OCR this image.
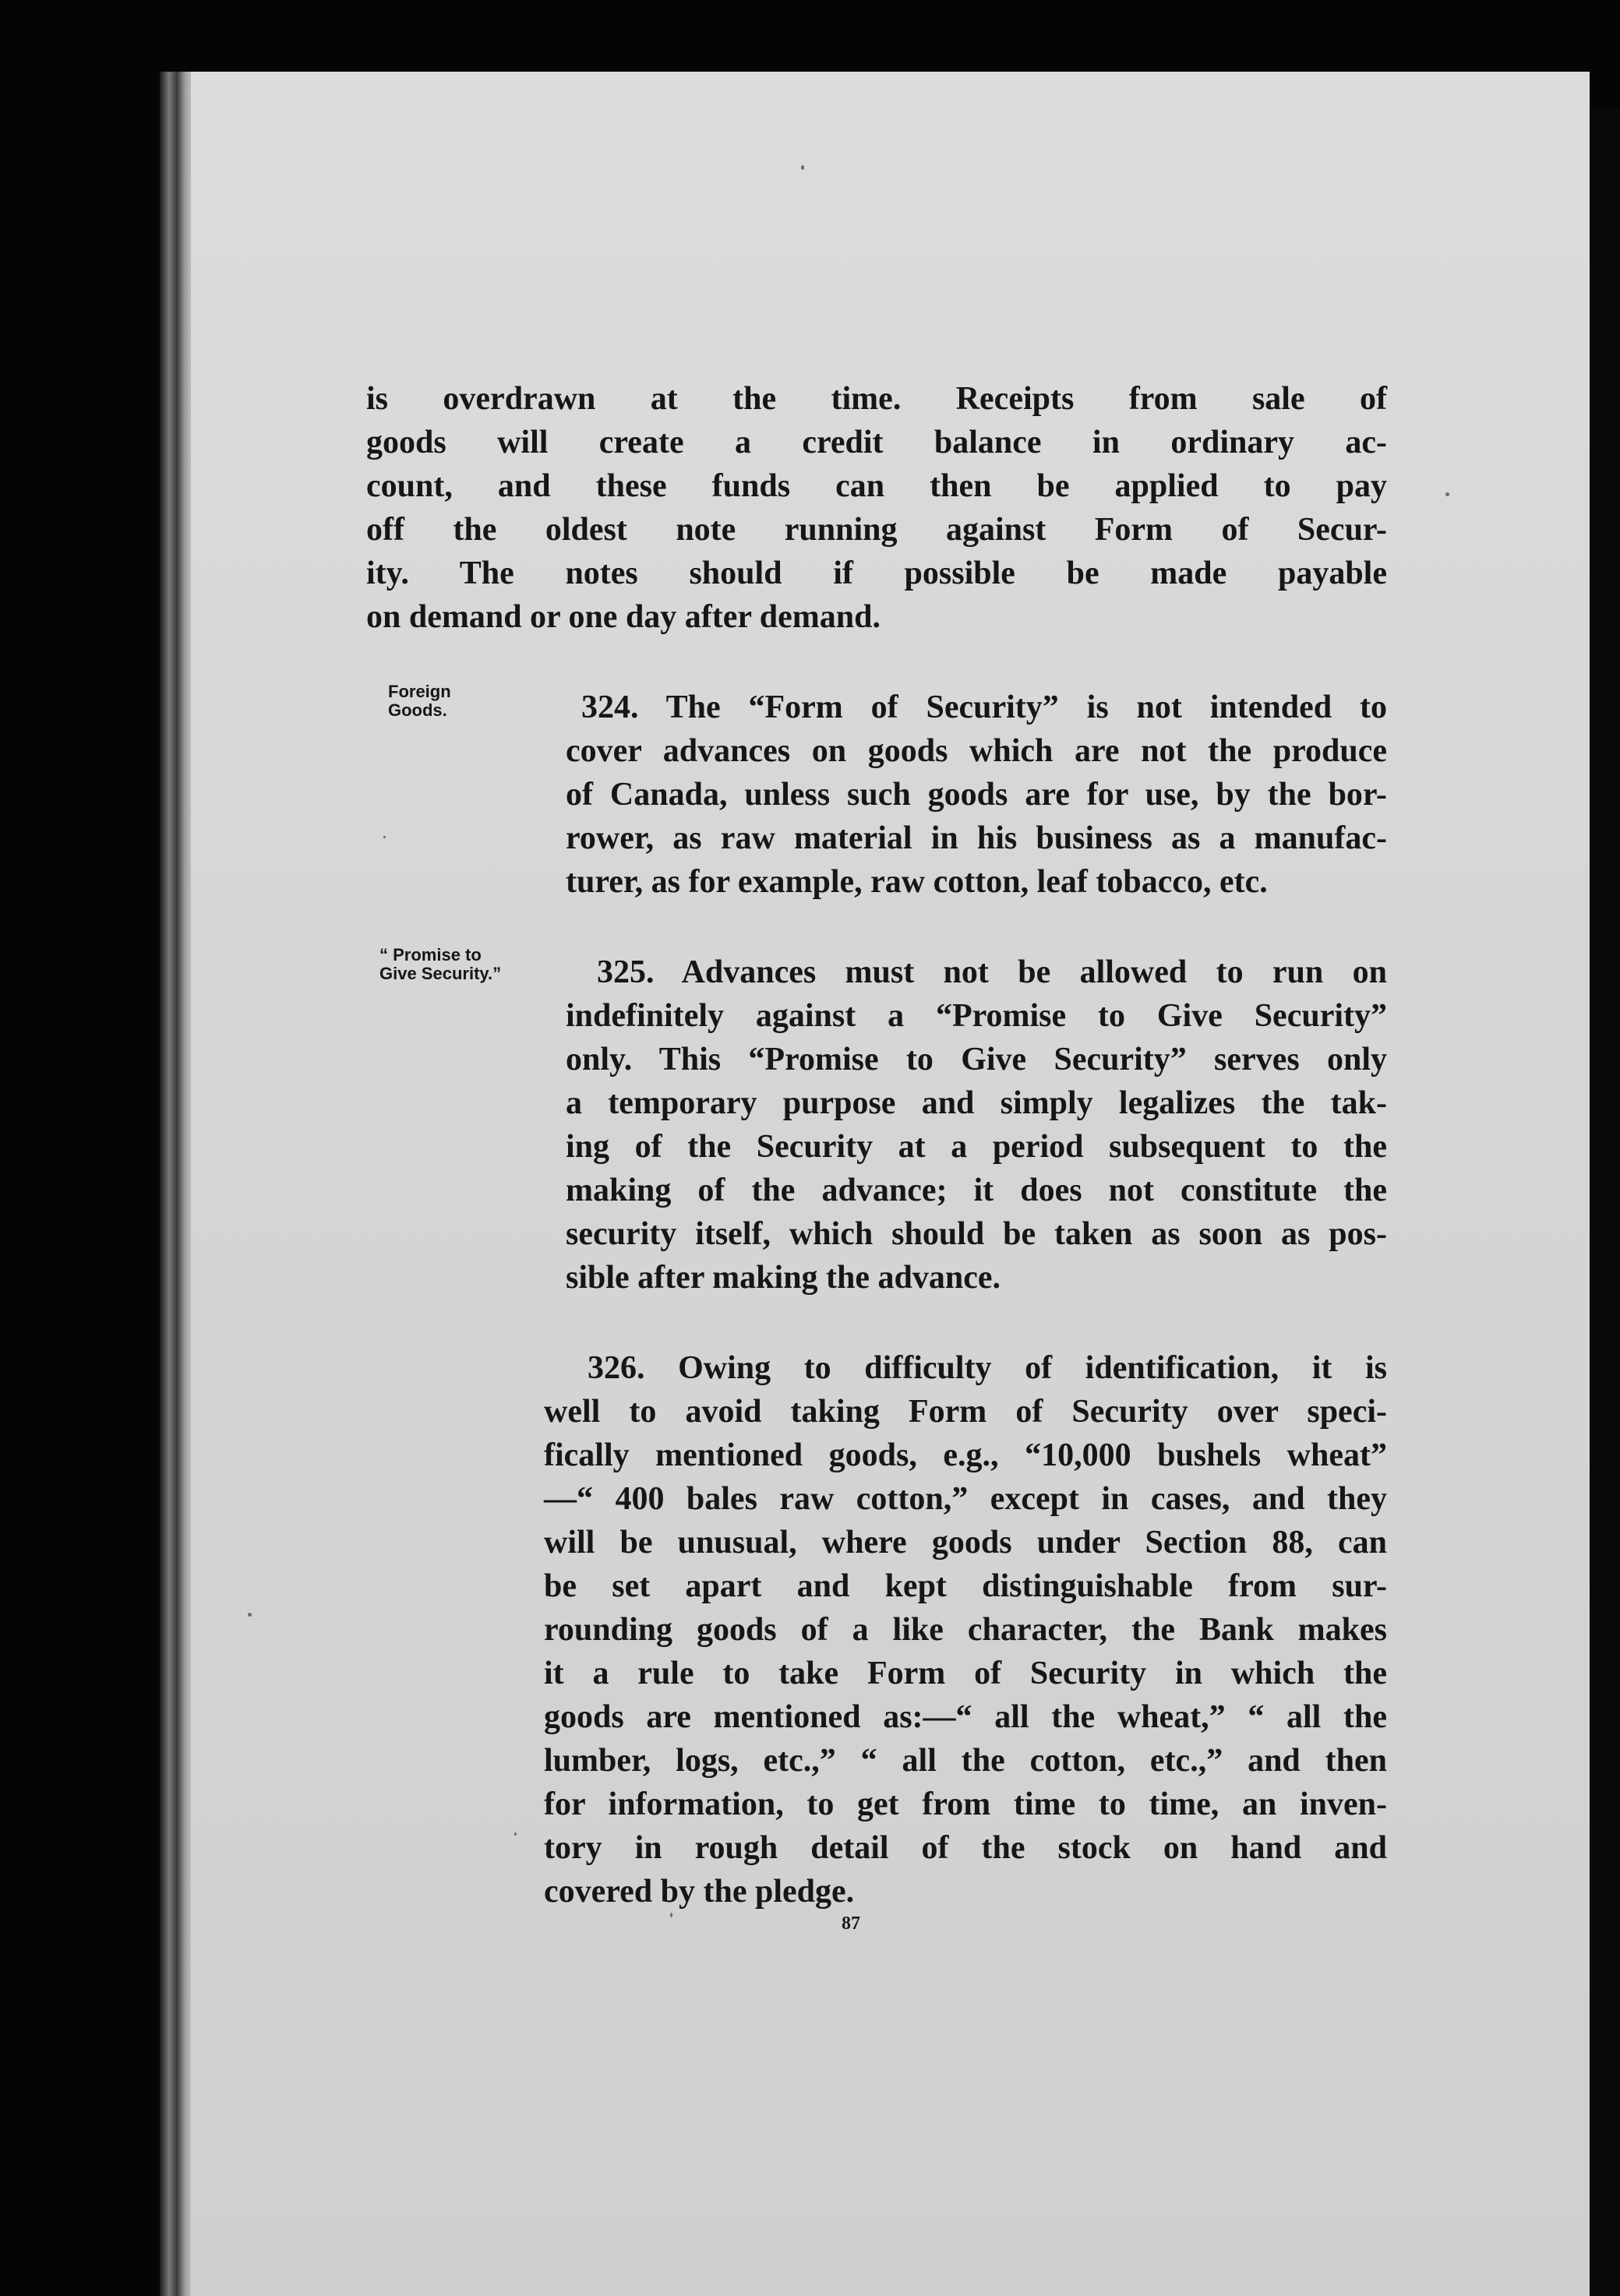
is overdrawn at the time. Receipts from sale of
goods will create a credit balance in ordinary ac-
count, and these funds can then be applied to pay
off the oldest note running against Form of Secur-
ity. The notes should if possible be made payable
on demand or one day after demand.

Foreign
Goods.	324. The “Form of Security” is not intended to
cover advances on goods which are not the produce
of Canada, unless such goods are for use, by the bor-
rower, as raw material in his business as a manufac-
turer, as for example, raw cotton, leaf tobacco, etc.

“ Promise to
Give Security.”	325. Advances must not be allowed to run on
indefinitely against a “Promise to Give Security”
only. This “Promise to Give Security” serves only
a temporary purpose and simply legalizes the tak-
ing of the Security at a period subsequent to the
making of the advance; it does not constitute the
security itself, which should be taken as soon as pos-
sible after making the advance.

326. Owing to difficulty of identification, it is
well to avoid taking Form of Security over speci-
fically mentioned goods, e.g., “10,000 bushels wheat”
—“ 400 bales raw cotton,” except in cases, and they
will be unusual, where goods under Section 88, can
be set apart and kept distinguishable from sur-
rounding goods of a like character, the Bank makes
it a rule to take Form of Security in which the
goods are mentioned as:—“ all the wheat,” “ all the
lumber, logs, etc.,” “ all the cotton, etc.,” and then
for information, to get from time to time, an inven-
tory in rough detail of the stock on hand and
covered by the pledge.

87
